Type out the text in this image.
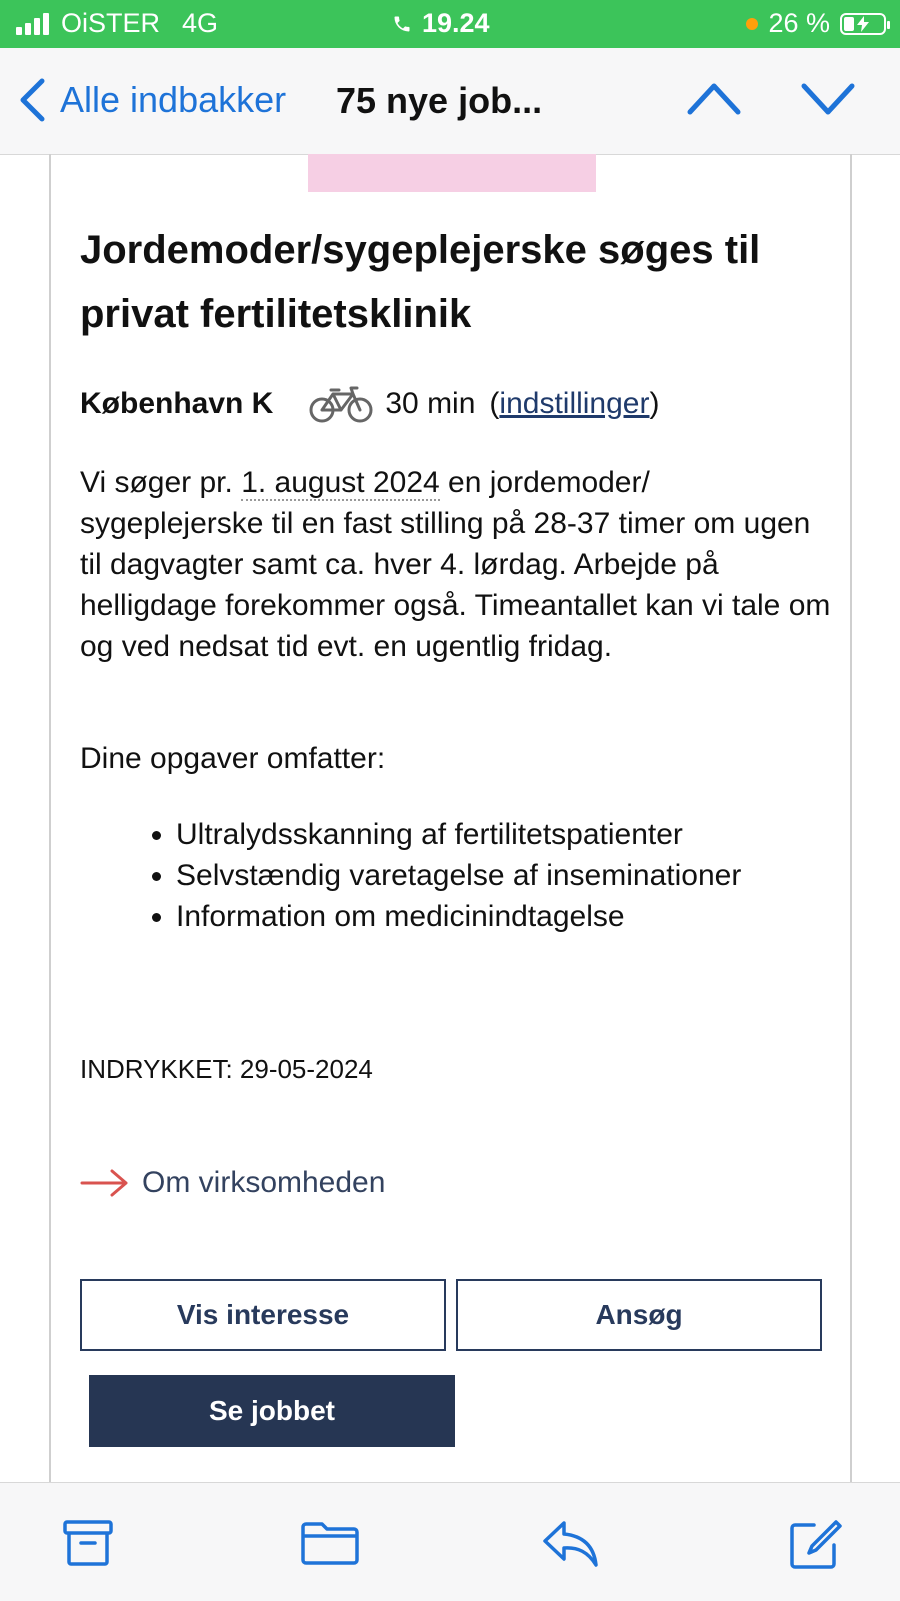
OiSTER 4G	19.24	26 %
Alle indbakker 75 nye job...
Jordemoder/sygeplejerske søges til privat fertilitetsklinik
København K	30 min (indstillinger)
Vi søger pr. 1. august 2024 en jordemoder/ sygeplejerske til en fast stilling på 28-37 timer om ugen til dagvagter samt ca. hver 4. lørdag. Arbejde på helligdage forekommer også. Timeantallet kan vi tale om og ved nedsat tid evt. en ugentlig fridag.
Dine opgaver omfatter:
• Ultralydsskanning af fertilitetspatienter
• Selvstændig varetagelse af inseminationer
• Information om medicinindtagelse
INDRYKKET: 29-05-2024
Om virksomheden
Vis interesse	Ansøg
Se jobbet
